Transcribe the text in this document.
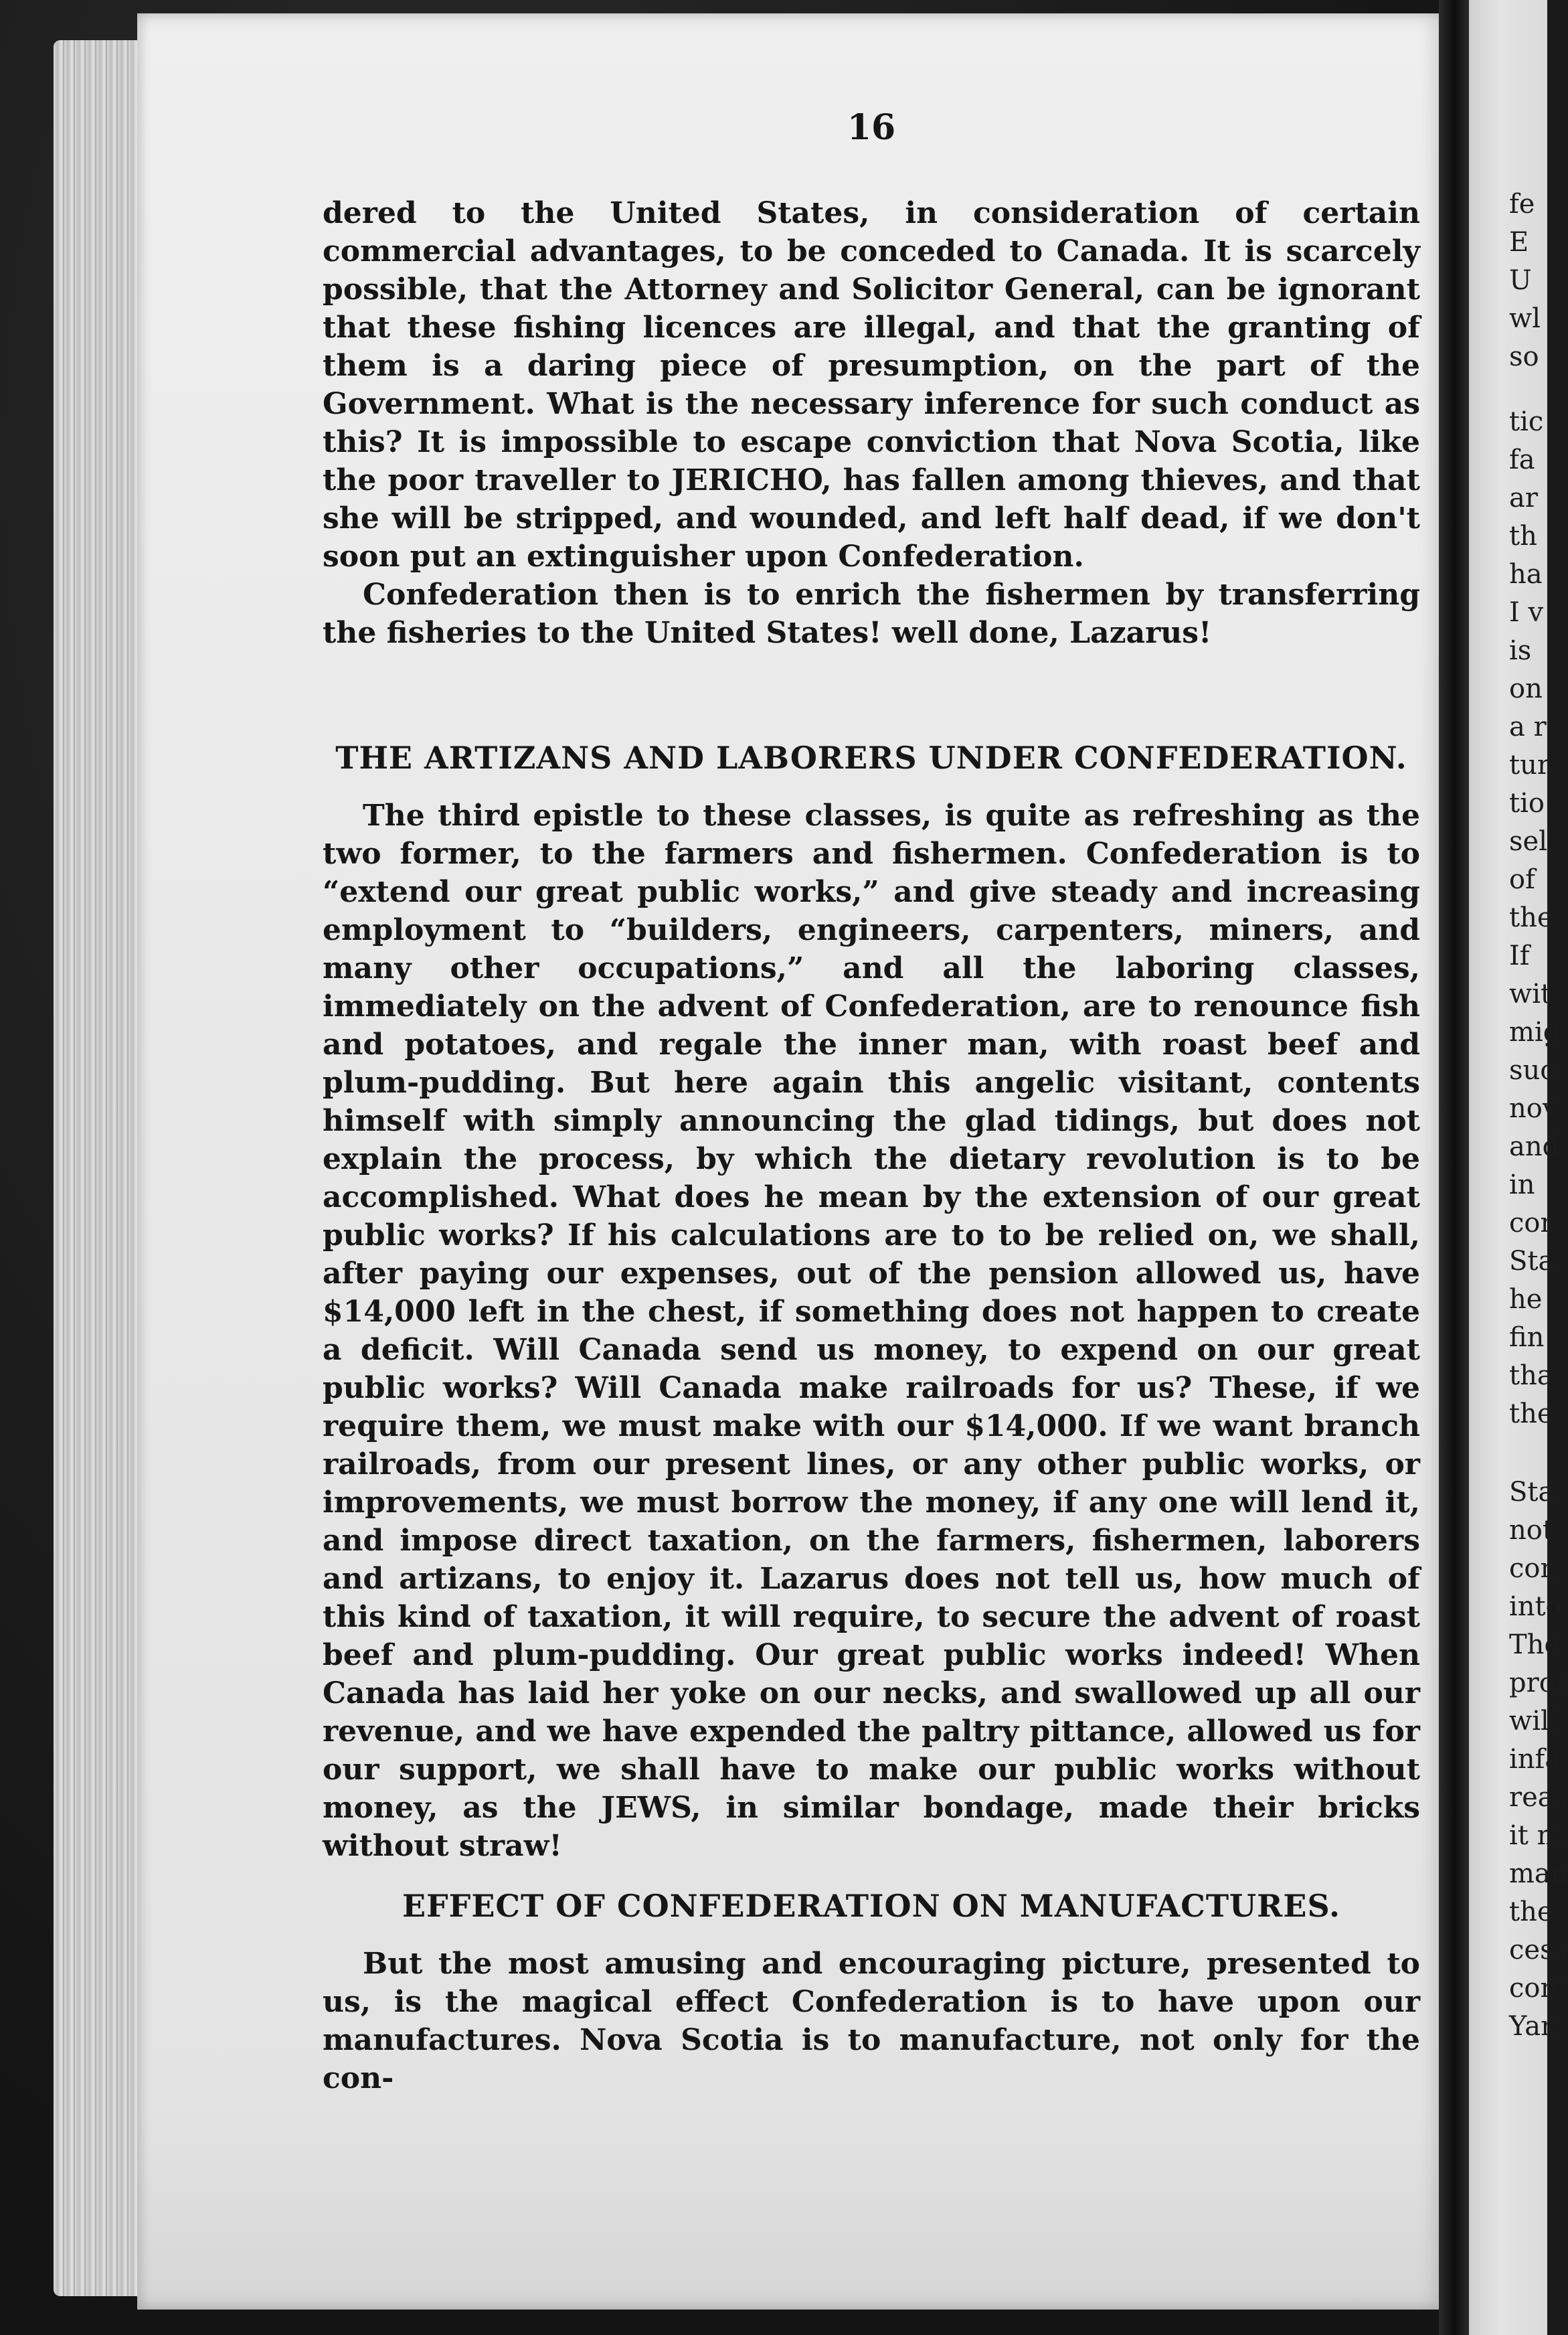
fe
E
U
wl
so
tic
fa
ar
th
ha
I v
is
on
a r
tur
tio
sel
of
the
If
wit
mig
suc
nov
and
in
con
Sta
he
fin
tha
the
Sta
not
con
into
The
prot
will
infa
reas
it m
man
the
cess
conf
Yan
16
dered to the United States, in consideration of certain commercial advantages, to be conceded to Canada. It is scarcely possible, that the Attorney and Solicitor General, can be ignorant that these fishing licences are illegal, and that the granting of them is a daring piece of presumption, on the part of the Government. What is the necessary inference for such conduct as this? It is impossible to escape conviction that Nova Scotia, like the poor traveller to JERICHO, has fallen among thieves, and that she will be stripped, and wounded, and left half dead, if we don't soon put an extinguisher upon Confederation.
Confederation then is to enrich the fishermen by transferring the fisheries to the United States! well done, Lazarus!
THE ARTIZANS AND LABORERS UNDER CONFEDERATION.
The third epistle to these classes, is quite as refreshing as the two former, to the farmers and fishermen. Confederation is to “extend our great public works,” and give steady and increasing employment to “builders, engineers, carpenters, miners, and many other occupations,” and all the laboring classes, immediately on the advent of Confederation, are to renounce fish and potatoes, and regale the inner man, with roast beef and plum-pudding. But here again this angelic visitant, contents himself with simply announcing the glad tidings, but does not explain the process, by which the dietary revolution is to be accomplished. What does he mean by the extension of our great public works? If his calculations are to to be relied on, we shall, after paying our expenses, out of the pension allowed us, have $14,000 left in the chest, if something does not happen to create a deficit. Will Canada send us money, to expend on our great public works? Will Canada make railroads for us? These, if we require them, we must make with our $14,000. If we want branch railroads, from our present lines, or any other public works, or improvements, we must borrow the money, if any one will lend it, and impose direct taxation, on the farmers, fishermen, laborers and artizans, to enjoy it. Lazarus does not tell us, how much of this kind of taxation, it will require, to secure the advent of roast beef and plum-pudding. Our great public works indeed! When Canada has laid her yoke on our necks, and swallowed up all our revenue, and we have expended the paltry pittance, allowed us for our support, we shall have to make our public works without money, as the JEWS, in similar bondage, made their bricks without straw!
EFFECT OF CONFEDERATION ON MANUFACTURES.
But the most amusing and encouraging picture, presented to us, is the magical effect Confederation is to have upon our manufactures. Nova Scotia is to manufacture, not only for the con-
